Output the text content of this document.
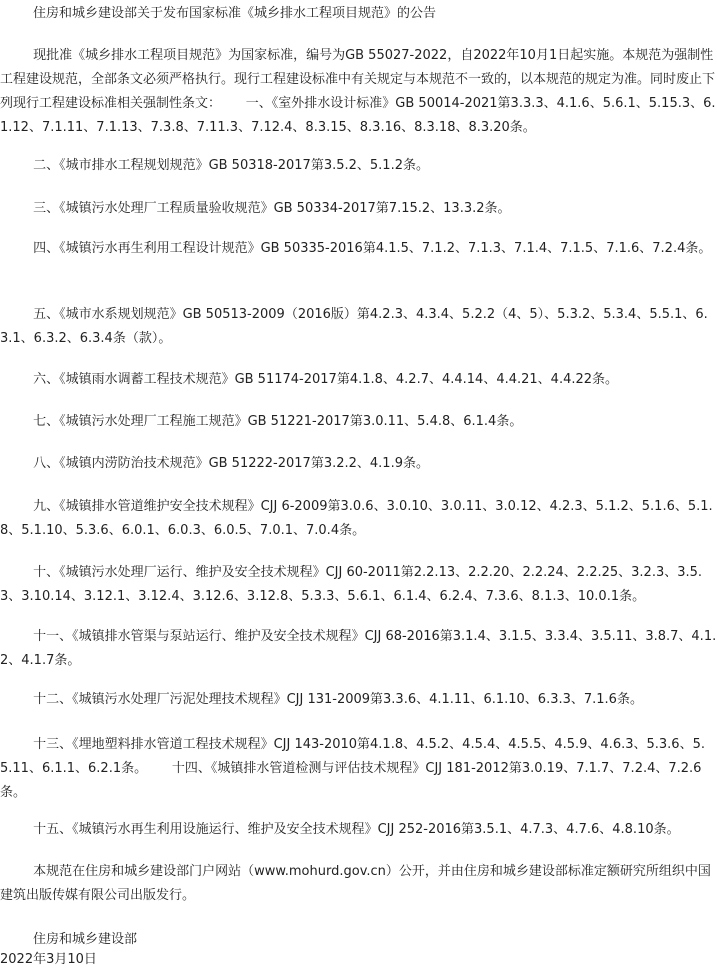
住房和城乡建设部关于发布国家标准《城乡排水工程项目规范》的公告
现批准《城乡排水工程项目规范》为国家标准，编号为GB 55027-2022，自2022年10月1日起实施。本规范为强制性工程建设规范，全部条文必须严格执行。现行工程建设标准中有关规定与本规范不一致的，以本规范的规定为准。同时废止下列现行工程建设标准相关强制性条文：      一、《室外排水设计标准》GB 50014-2021第3.3.3、4.1.6、5.6.1、5.15.3、6.1.12、7.1.11、7.1.13、7.3.8、7.11.3、7.12.4、8.3.15、8.3.16、8.3.18、8.3.20条。
二、《城市排水工程规划规范》GB 50318-2017第3.5.2、5.1.2条。
三、《城镇污水处理厂工程质量验收规范》GB 50334-2017第7.15.2、13.3.2条。
四、《城镇污水再生利用工程设计规范》GB 50335-2016第4.1.5、7.1.2、7.1.3、7.1.4、7.1.5、7.1.6、7.2.4条。
五、《城市水系规划规范》GB 50513-2009（2016版）第4.2.3、4.3.4、5.2.2（4、5）、5.3.2、5.3.4、5.5.1、6.3.1、6.3.2、6.3.4条（款）。
六、《城镇雨水调蓄工程技术规范》GB 51174-2017第4.1.8、4.2.7、4.4.14、4.4.21、4.4.22条。
七、《城镇污水处理厂工程施工规范》GB 51221-2017第3.0.11、5.4.8、6.1.4条。
八、《城镇内涝防治技术规范》GB 51222-2017第3.2.2、4.1.9条。
九、《城镇排水管道维护安全技术规程》CJJ 6-2009第3.0.6、3.0.10、3.0.11、3.0.12、4.2.3、5.1.2、5.1.6、5.1.8、5.1.10、5.3.6、6.0.1、6.0.3、6.0.5、7.0.1、7.0.4条。
十、《城镇污水处理厂运行、维护及安全技术规程》CJJ 60-2011第2.2.13、2.2.20、2.2.24、2.2.25、3.2.3、3.5.3、3.10.14、3.12.1、3.12.4、3.12.6、3.12.8、5.3.3、5.6.1、6.1.4、6.2.4、7.3.6、8.1.3、10.0.1条。
十一、《城镇排水管渠与泵站运行、维护及安全技术规程》CJJ 68-2016第3.1.4、3.1.5、3.3.4、3.5.11、3.8.7、4.1.2、4.1.7条。
十二、《城镇污水处理厂污泥处理技术规程》CJJ 131-2009第3.3.6、4.1.11、6.1.10、6.3.3、7.1.6条。
十三、《埋地塑料排水管道工程技术规程》CJJ 143-2010第4.1.8、4.5.2、4.5.4、4.5.5、4.5.9、4.6.3、5.3.6、5.5.11、6.1.1、6.2.1条。      十四、《城镇排水管道检测与评估技术规程》CJJ 181-2012第3.0.19、7.1.7、7.2.4、7.2.6条。
十五、《城镇污水再生利用设施运行、维护及安全技术规程》CJJ 252-2016第3.5.1、4.7.3、4.7.6、4.8.10条。
本规范在住房和城乡建设部门户网站（www.mohurd.gov.cn）公开，并由住房和城乡建设部标准定额研究所组织中国建筑出版传媒有限公司出版发行。
住房和城乡建设部
2022年3月10日
